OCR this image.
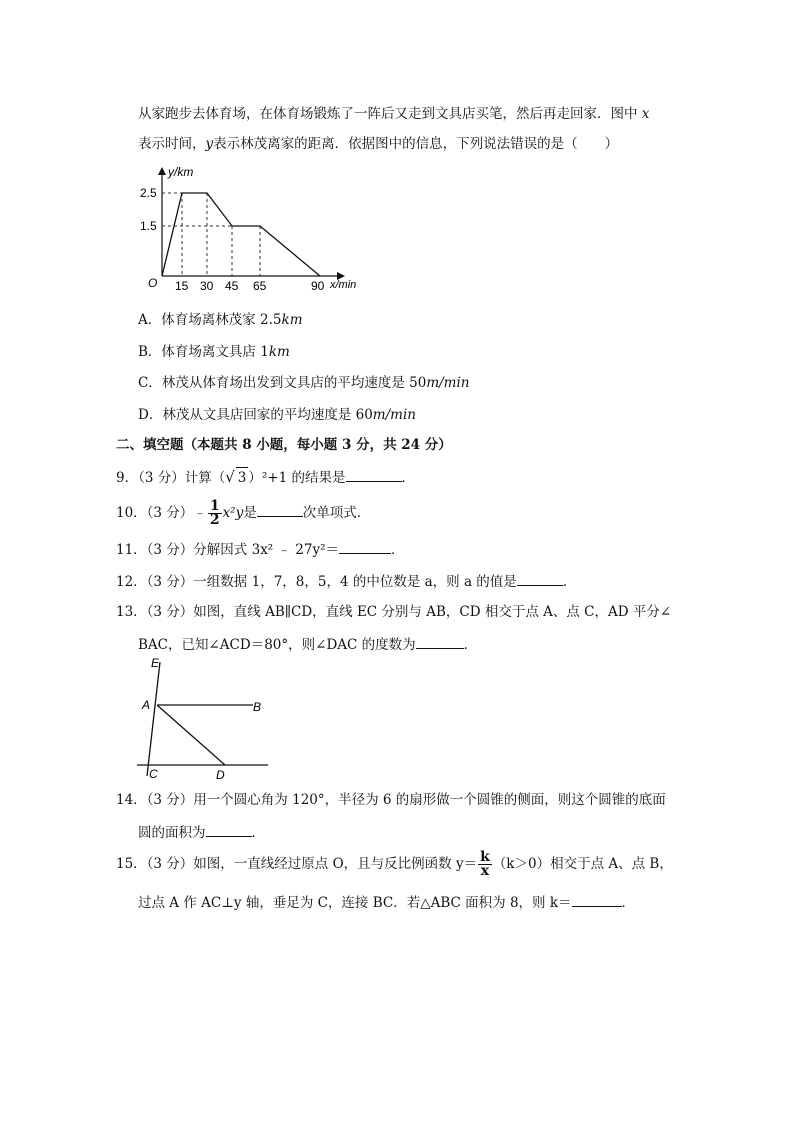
从家跑步去体育场，在体育场锻炼了一阵后又走到文具店买笔，然后再走回家．图中 x
表示时间，y表示林茂离家的距离．依据图中的信息，下列说法错误的是（　　）
y/km
2.5
1.5
O 15 30 45 65	90 x/min
A．体育场离林茂家 2.5km
B．体育场离文具店 1km
C．林茂从体育场出发到文具店的平均速度是 50m/min
D．林茂从文具店回家的平均速度是 60m/min
二、填空题（本题共 8 小题，每小题 3 分，共 24 分）
9．（3 分）计算（√ 3 ）²+1 的结果是	．
10．（3 分）﹣ $\frac{1}{2} x^2y$是	次单项式．
11．（3 分）分解因式 3x² ﹣ 27y²＝	．
12．（3 分）一组数据 1，7，8，5，4 的中位数是 a，则 a 的值是	．
13．（3 分）如图，直线 AB∥CD，直线 EC 分别与 AB，CD 相交于点 A、点 C，AD 平分∠
BAC，已知∠ACD＝80°，则∠DAC 的度数为	．
E
A	B
C	D
14．（3 分）用一个圆心角为 120°，半径为 6 的扇形做一个圆锥的侧面，则这个圆锥的底面
圆的面积为	．
15．（3 分）如图，一直线经过原点 O，且与反比例函数 $y= \frac{k}{x} (k>0)$相交于点 A、点 B，
过点 A 作 AC⊥y 轴，垂足为 C，连接 BC．若△ABC 面积为 8，则 k＝	．
